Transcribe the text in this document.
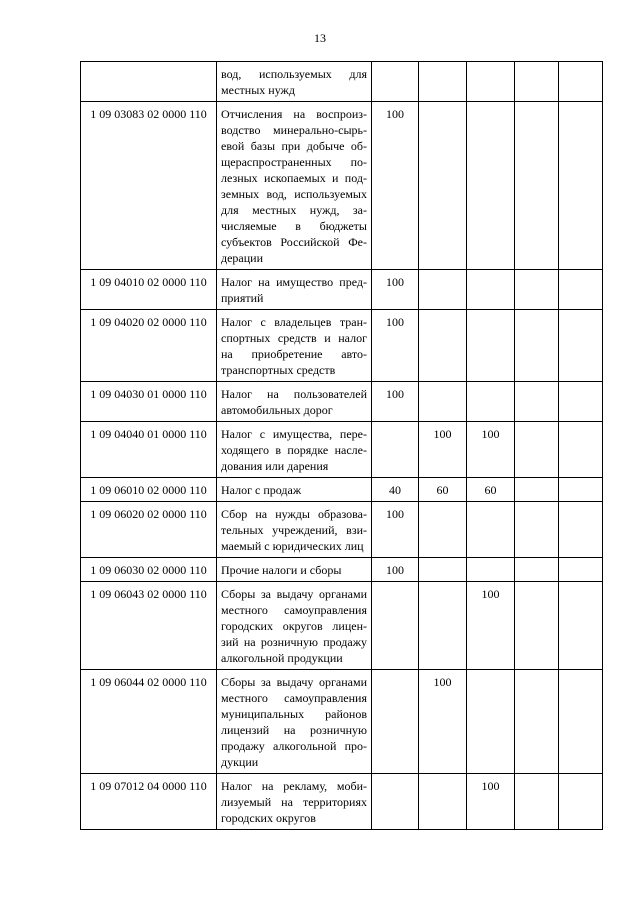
13
	вод, используемых для местных нужд					
1 09 03083 02 0000 110	Отчисления на воспроизводство минерально-сырьевой базы при добыче общераспространенных полезных ископаемых и подземных вод, используемых для местных нужд, зачисляемые в бюджеты субъектов Российской Федерации	100				
1 09 04010 02 0000 110	Налог на имущество предприятий	100				
1 09 04020 02 0000 110	Налог с владельцев транспортных средств и налог на приобретение автотранспортных средств	100				
1 09 04030 01 0000 110	Налог на пользователей автомобильных дорог	100				
1 09 04040 01 0000 110	Налог с имущества, переходящего в порядке наследования или дарения		100	100		
1 09 06010 02 0000 110	Налог с продаж	40	60	60		
1 09 06020 02 0000 110	Сбор на нужды образовательных учреждений, взимаемый с юридических лиц	100				
1 09 06030 02 0000 110	Прочие налоги и сборы	100				
1 09 06043 02 0000 110	Сборы за выдачу органами местного самоуправления городских округов лицензий на розничную продажу алкогольной продукции			100		
1 09 06044 02 0000 110	Сборы за выдачу органами местного самоуправления муниципальных районов лицензий на розничную продажу алкогольной продукции		100			
1 09 07012 04 0000 110	Налог на рекламу, мобилизуемый на территориях городских округов			100		
